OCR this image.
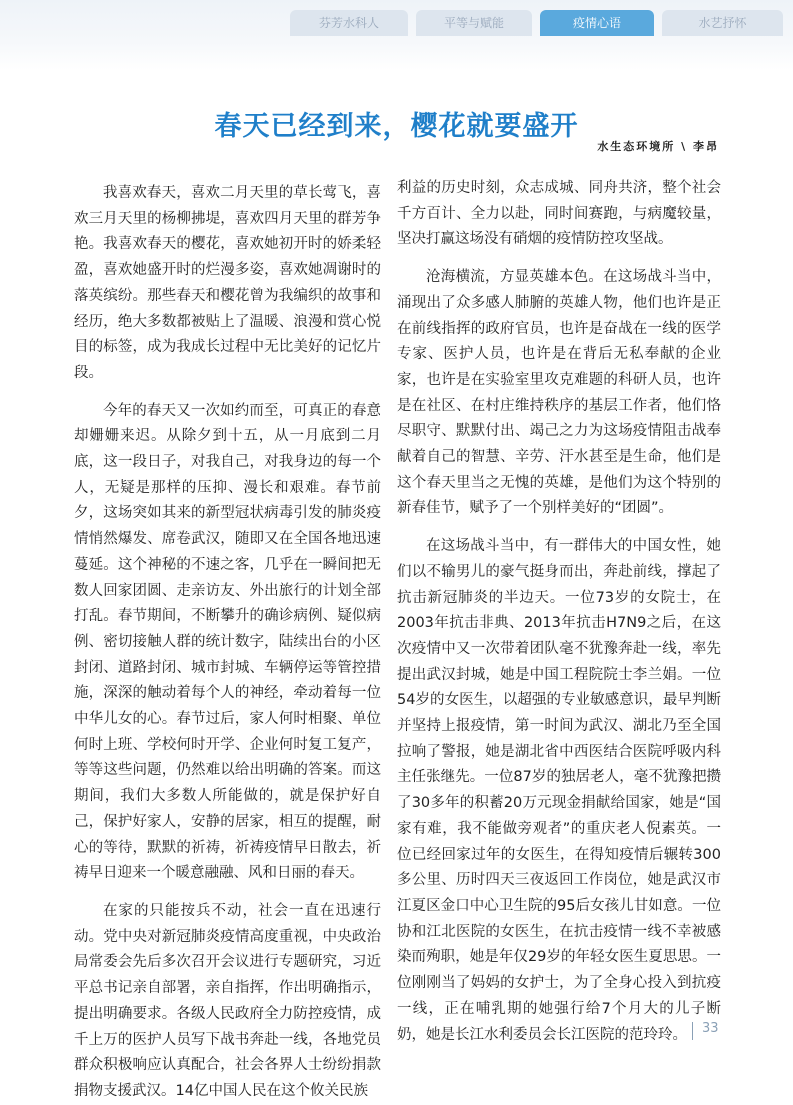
芬芳水科人	平等与赋能	疫情心语	水艺抒怀
春天已经到来，樱花就要盛开
水生态环境所 \ 李昂

我喜欢春天，喜欢二月天里的草长莺飞，喜欢三月天里的杨柳拂堤，喜欢四月天里的群芳争艳。我喜欢春天的樱花，喜欢她初开时的娇柔轻盈，喜欢她盛开时的烂漫多姿，喜欢她凋谢时的落英缤纷。那些春天和樱花曾为我编织的故事和经历，绝大多数都被贴上了温暖、浪漫和赏心悦目的标签，成为我成长过程中无比美好的记忆片段。

今年的春天又一次如约而至，可真正的春意却姗姗来迟。从除夕到十五，从一月底到二月底，这一段日子，对我自己，对我身边的每一个人，无疑是那样的压抑、漫长和艰难。春节前夕，这场突如其来的新型冠状病毒引发的肺炎疫情悄然爆发、席卷武汉，随即又在全国各地迅速蔓延。这个神秘的不速之客，几乎在一瞬间把无数人回家团圆、走亲访友、外出旅行的计划全部打乱。春节期间，不断攀升的确诊病例、疑似病例、密切接触人群的统计数字，陆续出台的小区封闭、道路封闭、城市封城、车辆停运等管控措施，深深的触动着每个人的神经，牵动着每一位中华儿女的心。春节过后，家人何时相聚、单位何时上班、学校何时开学、企业何时复工复产，等等这些问题，仍然难以给出明确的答案。而这期间，我们大多数人所能做的，就是保护好自己，保护好家人，安静的居家，相互的提醒，耐心的等待，默默的祈祷，祈祷疫情早日散去，祈祷早日迎来一个暖意融融、风和日丽的春天。

在家的只能按兵不动，社会一直在迅速行动。党中央对新冠肺炎疫情高度重视，中央政治局常委会先后多次召开会议进行专题研究，习近平总书记亲自部署，亲自指挥，作出明确指示，提出明确要求。各级人民政府全力防控疫情，成千上万的医护人员写下战书奔赴一线，各地党员群众积极响应认真配合，社会各界人士纷纷捐款捐物支援武汉。14亿中国人民在这个攸关民族

利益的历史时刻，众志成城、同舟共济，整个社会千方百计、全力以赴，同时间赛跑，与病魔较量，坚决打赢这场没有硝烟的疫情防控攻坚战。

沧海横流，方显英雄本色。在这场战斗当中，涌现出了众多感人肺腑的英雄人物，他们也许是正在前线指挥的政府官员，也许是奋战在一线的医学专家、医护人员，也许是在背后无私奉献的企业家，也许是在实验室里攻克难题的科研人员，也许是在社区、在村庄维持秩序的基层工作者，他们恪尽职守、默默付出、竭己之力为这场疫情阻击战奉献着自己的智慧、辛劳、汗水甚至是生命，他们是这个春天里当之无愧的英雄，是他们为这个特别的新春佳节，赋予了一个别样美好的“团圆”。

在这场战斗当中，有一群伟大的中国女性，她们以不输男儿的豪气挺身而出，奔赴前线，撑起了抗击新冠肺炎的半边天。一位73岁的女院士，在2003年抗击非典、2013年抗击H7N9之后，在这次疫情中又一次带着团队毫不犹豫奔赴一线，率先提出武汉封城，她是中国工程院院士李兰娟。一位54岁的女医生，以超强的专业敏感意识，最早判断并坚持上报疫情，第一时间为武汉、湖北乃至全国拉响了警报，她是湖北省中西医结合医院呼吸内科主任张继先。一位87岁的独居老人，毫不犹豫把攒了30多年的积蓄20万元现金捐献给国家，她是“国家有难，我不能做旁观者”的重庆老人倪素英。一位已经回家过年的女医生，在得知疫情后辗转300多公里、历时四天三夜返回工作岗位，她是武汉市江夏区金口中心卫生院的95后女孩儿甘如意。一位协和江北医院的女医生，在抗击疫情一线不幸被感染而殉职，她是年仅29岁的年轻女医生夏思思。一位刚刚当了妈妈的女护士，为了全身心投入到抗疫一线，正在哺乳期的她强行给7个月大的儿子断奶，她是长江水利委员会长江医院的范玲玲。	33
